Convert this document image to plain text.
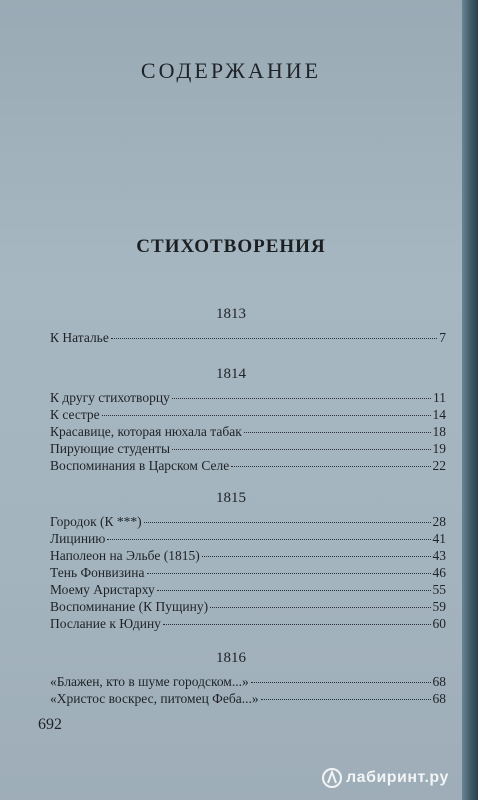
СОДЕРЖАНИЕ
СТИХОТВОРЕНИЯ
1813
К Наталье	7
1814
К другу стихотворцу	11
К сестре	14
Красавице, которая нюхала табак	18
Пирующие студенты	19
Воспоминания в Царском Селе	22
1815
Городок (К ***)	28
Лицинию	41
Наполеон на Эльбе (1815)	43
Тень Фонвизина	46
Моему Аристарху	55
Воспоминание (К Пущину)	59
Послание к Юдину	60
1816
«Блажен, кто в шуме городском...»	68
«Христос воскрес, питомец Феба...»	68
692
лабиринт.ру
